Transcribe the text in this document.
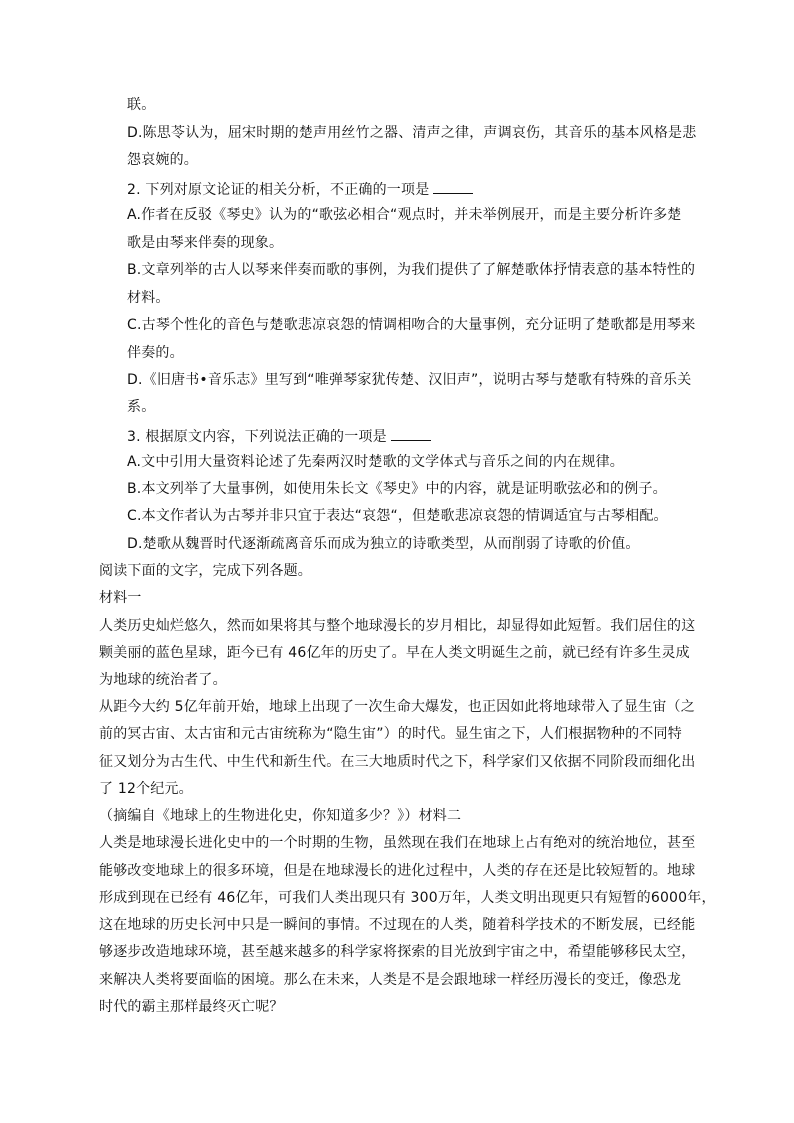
联。
D.陈思苓认为，屈宋时期的楚声用丝竹之器、清声之律，声调哀伤，其音乐的基本风格是悲
怨哀婉的。
2. 下列对原文论证的相关分析，不正确的一项是
A.作者在反驳《琴史》认为的“歌弦必相合“观点时，并未举例展开，而是主要分析许多楚
歌是由琴来伴奏的现象。
B.文章列举的古人以琴来伴奏而歌的事例，为我们提供了了解楚歌体抒情表意的基本特性的
材料。
C.古琴个性化的音色与楚歌悲凉哀怨的情调相吻合的大量事例，充分证明了楚歌都是用琴来
伴奏的。
D.《旧唐书•音乐志》里写到“唯弹琴家犹传楚、汉旧声”，说明古琴与楚歌有特殊的音乐关
系。
3. 根据原文内容，下列说法正确的一项是
A.文中引用大量资料论述了先秦两汉时楚歌的文学体式与音乐之间的内在规律。
B.本文列举了大量事例，如使用朱长文《琴史》中的内容，就是证明歌弦必和的例子。
C.本文作者认为古琴并非只宜于表达“哀怨“，但楚歌悲凉哀怨的情调适宜与古琴相配。
D.楚歌从魏晋时代逐渐疏离音乐而成为独立的诗歌类型，从而削弱了诗歌的价值。
阅读下面的文字，完成下列各题。
材料一
人类历史灿烂悠久，然而如果将其与整个地球漫长的岁月相比，却显得如此短暂。我们居住的这
颗美丽的蓝色星球，距今已有 46亿年的历史了。早在人类文明诞生之前，就已经有许多生灵成
为地球的统治者了。
从距今大约 5亿年前开始，地球上出现了一次生命大爆发，也正因如此将地球带入了显生宙（之
前的冥古宙、太古宙和元古宙统称为“隐生宙”）的时代。显生宙之下，人们根据物种的不同特
征又划分为古生代、中生代和新生代。在三大地质时代之下，科学家们又依据不同阶段而细化出
了 12个纪元。
（摘编自《地球上的生物进化史，你知道多少？》）材料二
人类是地球漫长进化史中的一个时期的生物，虽然现在我们在地球上占有绝对的统治地位，甚至
能够改变地球上的很多环境，但是在地球漫长的进化过程中，人类的存在还是比较短暂的。地球
形成到现在已经有 46亿年，可我们人类出现只有 300万年，人类文明出现更只有短暂的6000年，
这在地球的历史长河中只是一瞬间的事情。不过现在的人类，随着科学技术的不断发展，已经能
够逐步改造地球环境，甚至越来越多的科学家将探索的目光放到宇宙之中，希望能够移民太空，
来解决人类将要面临的困境。那么在未来，人类是不是会跟地球一样经历漫长的变迁，像恐龙
时代的霸主那样最终灭亡呢？
